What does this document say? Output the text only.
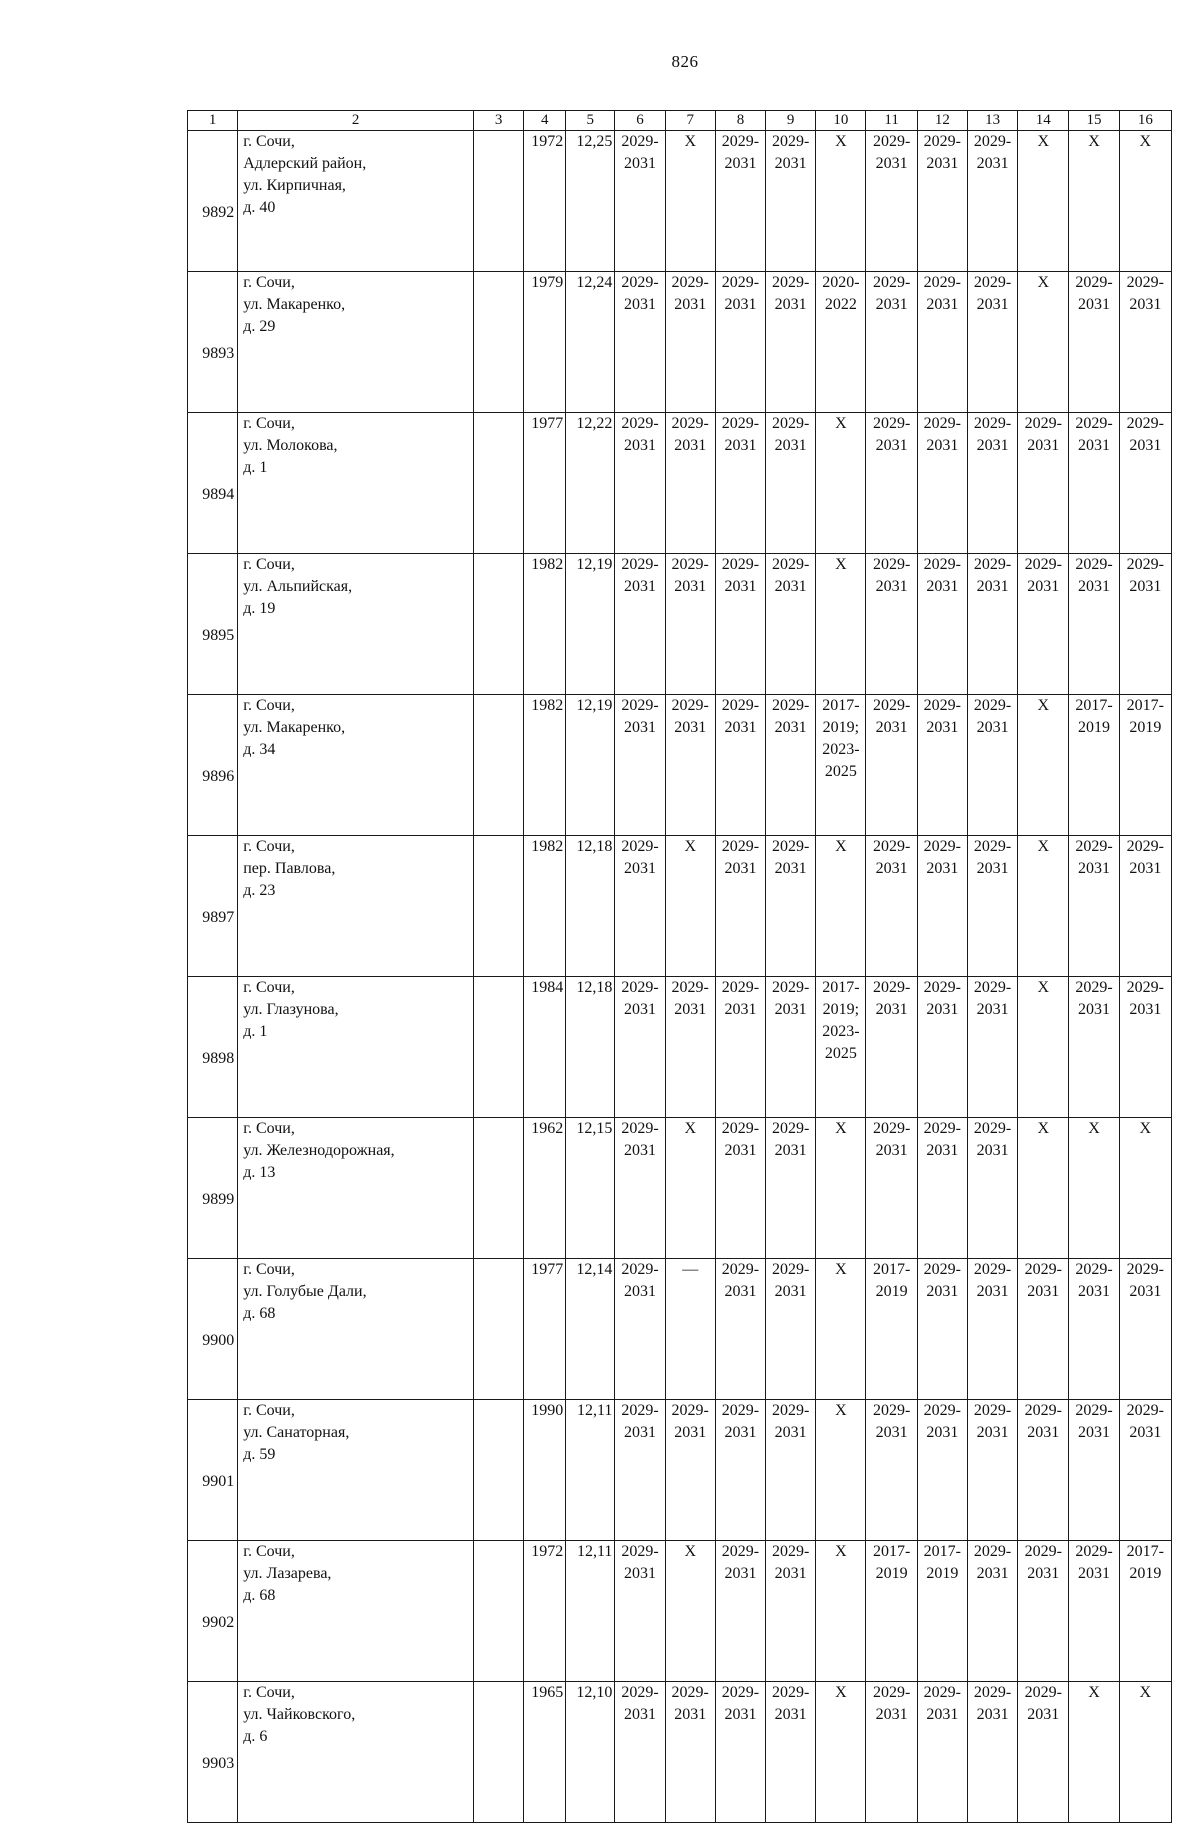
826
1	2	3	4	5	6	7	8	9	10	11	12	13	14	15	16
9892	г. Сочи,
Адлерский район,
ул. Кирпичная,
д. 40		1972	12,25	2029-
2031	X	2029-
2031	2029-
2031	X	2029-
2031	2029-
2031	2029-
2031	X	X	X

9893	г. Сочи,
ул. Макаренко,
д. 29		1979	12,24	2029-
2031	2029-
2031	2029-
2031	2029-
2031	2020-
2022	2029-
2031	2029-
2031	2029-
2031	X	2029-
2031	2029-
2031

9894	г. Сочи,
ул. Молокова,
д. 1		1977	12,22	2029-
2031	2029-
2031	2029-
2031	2029-
2031	X	2029-
2031	2029-
2031	2029-
2031	2029-
2031	2029-
2031	2029-
2031

9895	г. Сочи,
ул. Альпийская,
д. 19		1982	12,19	2029-
2031	2029-
2031	2029-
2031	2029-
2031	X	2029-
2031	2029-
2031	2029-
2031	2029-
2031	2029-
2031	2029-
2031

9896	г. Сочи,
ул. Макаренко,
д. 34		1982	12,19	2029-
2031	2029-
2031	2029-
2031	2029-
2031	2017-
2019;
2023-
2025	2029-
2031	2029-
2031	2029-
2031	X	2017-
2019	2017-
2019

9897	г. Сочи,
пер. Павлова,
д. 23		1982	12,18	2029-
2031	X	2029-
2031	2029-
2031	X	2029-
2031	2029-
2031	2029-
2031	X	2029-
2031	2029-
2031

9898	г. Сочи,
ул. Глазунова,
д. 1		1984	12,18	2029-
2031	2029-
2031	2029-
2031	2029-
2031	2017-
2019;
2023-
2025	2029-
2031	2029-
2031	2029-
2031	X	2029-
2031	2029-
2031

9899	г. Сочи,
ул. Железнодорожная,
д. 13		1962	12,15	2029-
2031	X	2029-
2031	2029-
2031	X	2029-
2031	2029-
2031	2029-
2031	X	X	X

9900	г. Сочи,
ул. Голубые Дали,
д. 68		1977	12,14	2029-
2031	—	2029-
2031	2029-
2031	X	2017-
2019	2029-
2031	2029-
2031	2029-
2031	2029-
2031	2029-
2031

9901	г. Сочи,
ул. Санаторная,
д. 59		1990	12,11	2029-
2031	2029-
2031	2029-
2031	2029-
2031	X	2029-
2031	2029-
2031	2029-
2031	2029-
2031	2029-
2031	2029-
2031

9902	г. Сочи,
ул. Лазарева,
д. 68		1972	12,11	2029-
2031	X	2029-
2031	2029-
2031	X	2017-
2019	2017-
2019	2029-
2031	2029-
2031	2029-
2031	2017-
2019

9903	г. Сочи,
ул. Чайковского,
д. 6		1965	12,10	2029-
2031	2029-
2031	2029-
2031	2029-
2031	X	2029-
2031	2029-
2031	2029-
2031	2029-
2031	X	X
